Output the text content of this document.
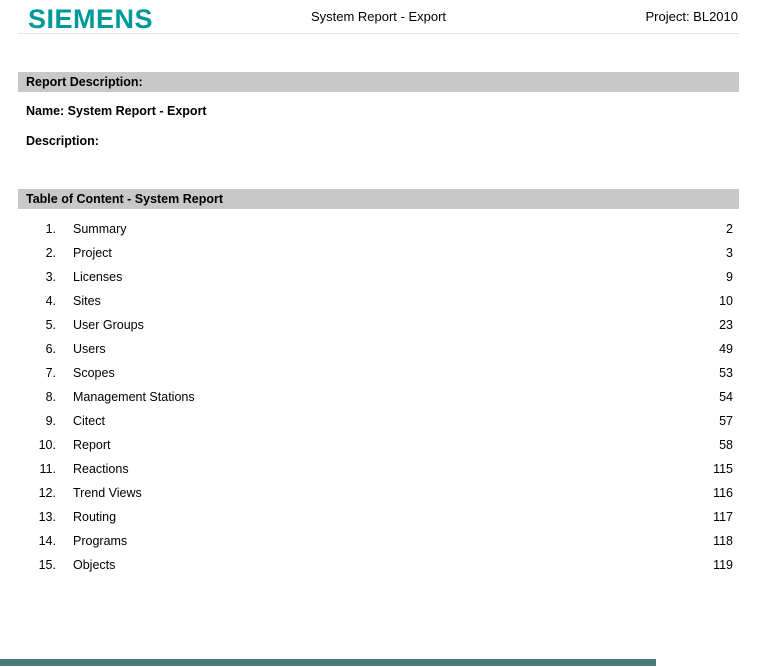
SIEMENS	System Report - Export	Project: BL2010
Report Description:
Name: System Report - Export
Description:
Table of Content - System Report
1. Summary	2
2. Project	3
3. Licenses	9
4. Sites	10
5. User Groups	23
6. Users	49
7. Scopes	53
8. Management Stations	54
9. Citect	57
10. Report	58
11. Reactions	115
12. Trend Views	116
13. Routing	117
14. Programs	118
15. Objects	119
